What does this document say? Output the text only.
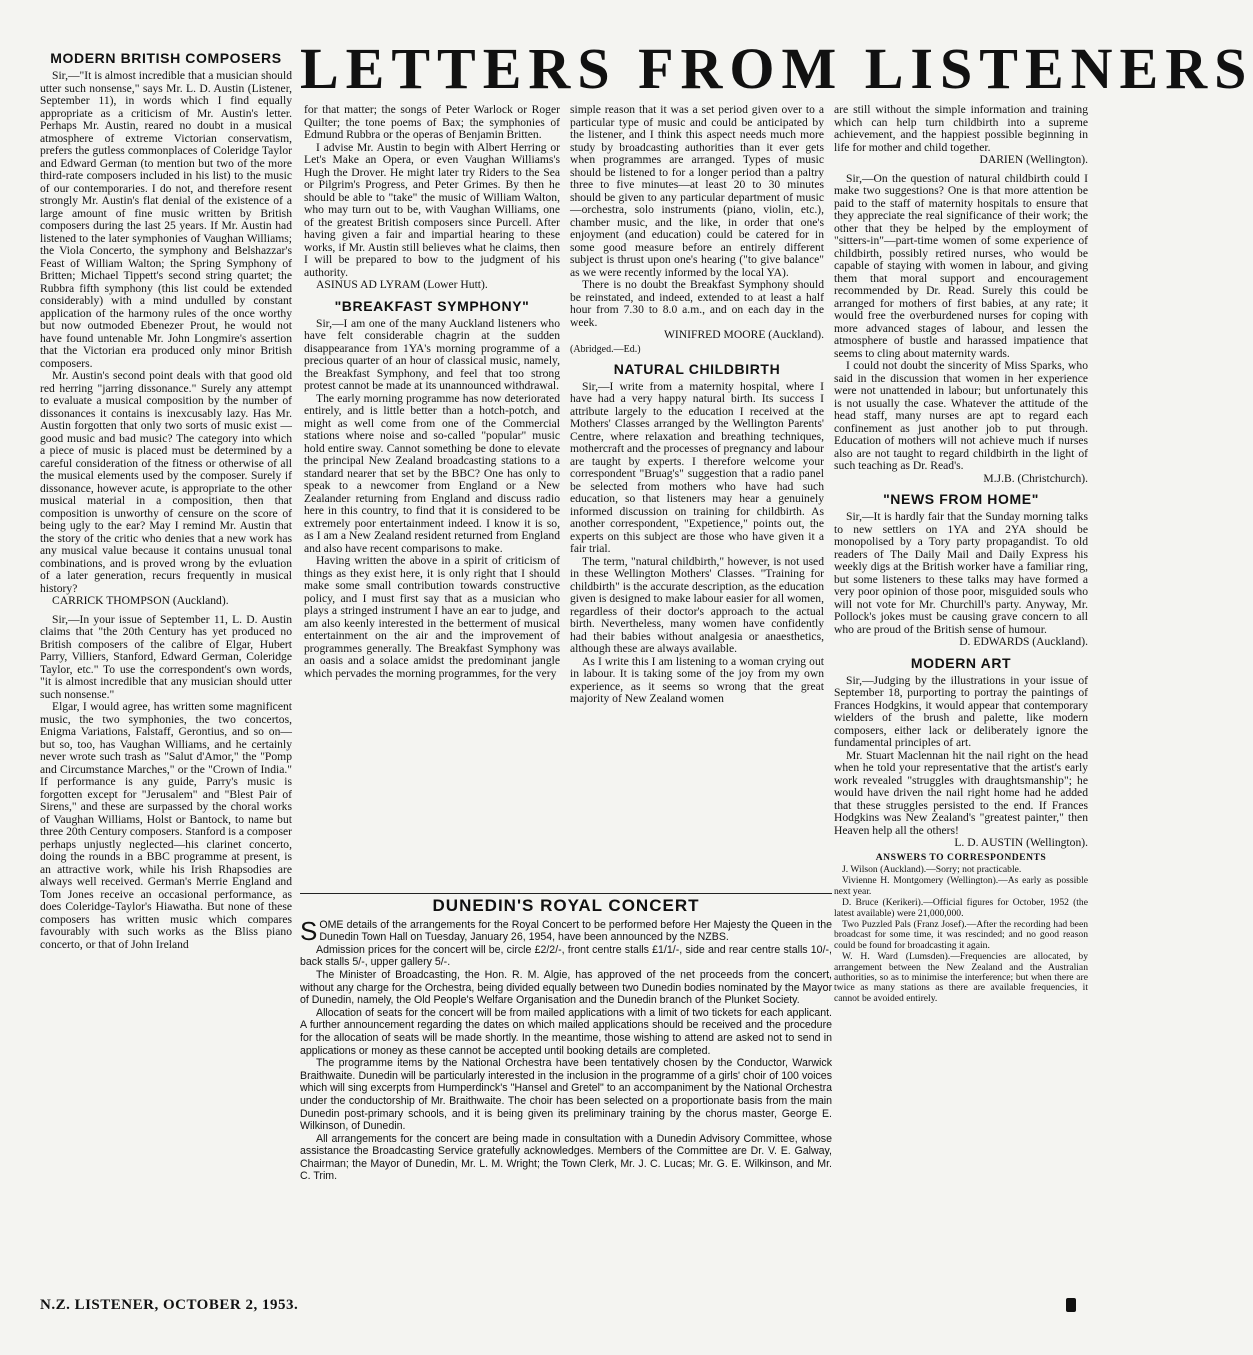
LETTERS FROM LISTENERS
MODERN BRITISH COMPOSERS

Sir,—"It is almost incredible that a musician should utter such nonsense," says Mr. L. D. Austin (Listener, September 11), in words which I find equally appropriate as a criticism of Mr. Austin's letter. Perhaps Mr. Austin, reared no doubt in a musical atmosphere of extreme Victorian conservatism, prefers the gutless commonplaces of Coleridge Taylor and Edward German (to mention but two of the more third-rate composers included in his list) to the music of our contemporaries. I do not, and therefore resent strongly Mr. Austin's flat denial of the existence of a large amount of fine music written by British composers during the last 25 years. If Mr. Austin had listened to the later symphonies of Vaughan Williams; the Viola Concerto, the symphony and Belshazzar's Feast of William Walton; the Spring Symphony of Britten; Michael Tippett's second string quartet; the Rubbra fifth symphony (this list could be extended considerably) with a mind undulled by constant application of the harmony rules of the once worthy but now outmoded Ebenezer Prout, he would not have found untenable Mr. John Longmire's assertion that the Victorian era produced only minor British composers.

Mr. Austin's second point deals with that good old red herring "jarring dissonance." Surely any attempt to evaluate a musical composition by the number of dissonances it contains is inexcusably lazy. Has Mr. Austin forgotten that only two sorts of music exist — good music and bad music? The category into which a piece of music is placed must be determined by a careful consideration of the fitness or otherwise of all the musical elements used by the composer. Surely if dissonance, however acute, is appropriate to the other musical material in a composition, then that composition is unworthy of censure on the score of being ugly to the ear? May I remind Mr. Austin that the story of the critic who denies that a new work has any musical value because it contains unusual tonal combinations, and is proved wrong by the evluation of a later generation, recurs frequently in musical history?

CARRICK THOMPSON (Auckland).

Sir,—In your issue of September 11, L. D. Austin claims that "the 20th Century has yet produced no British composers of the calibre of Elgar, Hubert Parry, Villiers, Stanford, Edward German, Coleridge Taylor, etc." To use the correspondent's own words, "it is almost incredible that any musician should utter such nonsense."

Elgar, I would agree, has written some magnificent music, the two symphonies, the two concertos, Enigma Variations, Falstaff, Gerontius, and so on—but so, too, has Vaughan Williams, and he certainly never wrote such trash as "Salut d'Amor," the "Pomp and Circumstance Marches," or the "Crown of India." If performance is any guide, Parry's music is forgotten except for "Jerusalem" and "Blest Pair of Sirens," and these are surpassed by the choral works of Vaughan Williams, Holst or Bantock, to name but three 20th Century composers. Stanford is a composer perhaps unjustly neglected—his clarinet concerto, doing the rounds in a BBC programme at present, is an attractive work, while his Irish Rhapsodies are always well received. German's Merrie England and Tom Jones receive an occasional performance, as does Coleridge-Taylor's Hiawatha. But none of these composers has written music which compares favourably with such works as the Bliss piano concerto, or that of John Ireland

for that matter; the songs of Peter Warlock or Roger Quilter; the tone poems of Bax; the symphonies of Edmund Rubbra or the operas of Benjamin Britten.

I advise Mr. Austin to begin with Albert Herring or Let's Make an Opera, or even Vaughan Williams's Hugh the Drover. He might later try Riders to the Sea or Pilgrim's Progress, and Peter Grimes. By then he should be able to "take" the music of William Walton, who may turn out to be, with Vaughan Williams, one of the greatest British composers since Purcell. After having given a fair and impartial hearing to these works, if Mr. Austin still believes what he claims, then I will be prepared to bow to the judgment of his authority.

ASINUS AD LYRAM (Lower Hutt).

"BREAKFAST SYMPHONY"

Sir,—I am one of the many Auckland listeners who have felt considerable chagrin at the sudden disappearance from 1YA's morning programme of a precious quarter of an hour of classical music, namely, the Breakfast Symphony, and feel that too strong protest cannot be made at its unannounced withdrawal.

The early morning programme has now deteriorated entirely, and is little better than a hotch-potch, and might as well come from one of the Commercial stations where noise and so-called "popular" music hold entire sway. Cannot something be done to elevate the principal New Zealand broadcasting stations to a standard nearer that set by the BBC? One has only to speak to a newcomer from England or a New Zealander returning from England and discuss radio here in this country, to find that it is considered to be extremely poor entertainment indeed. I know it is so, as I am a New Zealand resident returned from England and also have recent comparisons to make.

Having written the above in a spirit of criticism of things as they exist here, it is only right that I should make some small contribution towards constructive policy, and I must first say that as a musician who plays a stringed instrument I have an ear to judge, and am also keenly interested in the betterment of musical entertainment on the air and the improvement of programmes generally. The Breakfast Symphony was an oasis and a solace amidst the predominant jangle which pervades the morning programmes, for the very

simple reason that it was a set period given over to a particular type of music and could be anticipated by the listener, and I think this aspect needs much more study by broadcasting authorities than it ever gets when programmes are arranged. Types of music should be listened to for a longer period than a paltry three to five minutes—at least 20 to 30 minutes should be given to any particular department of music—orchestra, solo instruments (piano, violin, etc.), chamber music, and the like, in order that one's enjoyment (and education) could be catered for in some good measure before an entirely different subject is thrust upon one's hearing ("to give balance" as we were recently informed by the local YA).

There is no doubt the Breakfast Symphony should be reinstated, and indeed, extended to at least a half hour from 7.30 to 8.0 a.m., and on each day in the week.

WINIFRED MOORE (Auckland).

(Abridged.—Ed.)

NATURAL CHILDBIRTH

Sir,—I write from a maternity hospital, where I have had a very happy natural birth. Its success I attribute largely to the education I received at the Mothers' Classes arranged by the Wellington Parents' Centre, where relaxation and breathing techniques, mothercraft and the processes of pregnancy and labour are taught by experts. I therefore welcome your correspondent "Bruag's" suggestion that a radio panel be selected from mothers who have had such education, so that listeners may hear a genuinely informed discussion on training for childbirth. As another correspondent, "Expetience," points out, the experts on this subject are those who have given it a fair trial.

The term, "natural childbirth," however, is not used in these Wellington Mothers' Classes. "Training for childbirth" is the accurate description, as the education given is designed to make labour easier for all women, regardless of their doctor's approach to the actual birth. Nevertheless, many women have confidently had their babies without analgesia or anaesthetics, although these are always available.

As I write this I am listening to a woman crying out in labour. It is taking some of the joy from my own experience, as it seems so wrong that the great majority of New Zealand women

are still without the simple information and training which can help turn childbirth into a supreme achievement, and the happiest possible beginning in life for mother and child together.

DARIEN (Wellington).

Sir,—On the question of natural childbirth could I make two suggestions? One is that more attention be paid to the staff of maternity hospitals to ensure that they appreciate the real significance of their work; the other that they be helped by the employment of "sitters-in"—part-time women of some experience of childbirth, possibly retired nurses, who would be capable of staying with women in labour, and giving them that moral support and encouragement recommended by Dr. Read. Surely this could be arranged for mothers of first babies, at any rate; it would free the overburdened nurses for coping with more advanced stages of labour, and lessen the atmosphere of bustle and harassed impatience that seems to cling about maternity wards.

I could not doubt the sincerity of Miss Sparks, who said in the discussion that women in her experience were not unattended in labour; but unfortunately this is not usually the case. Whatever the attitude of the head staff, many nurses are apt to regard each confinement as just another job to put through. Education of mothers will not achieve much if nurses also are not taught to regard childbirth in the light of such teaching as Dr. Read's.

M.J.B. (Christchurch).

"NEWS FROM HOME"

Sir,—It is hardly fair that the Sunday morning talks to new settlers on 1YA and 2YA should be monopolised by a Tory party propagandist. To old readers of The Daily Mail and Daily Express his weekly digs at the British worker have a familiar ring, but some listeners to these talks may have formed a very poor opinion of those poor, misguided souls who will not vote for Mr. Churchill's party. Anyway, Mr. Pollock's jokes must be causing grave concern to all who are proud of the British sense of humour.

D. EDWARDS (Auckland).

MODERN ART

Sir,—Judging by the illustrations in your issue of September 18, purporting to portray the paintings of Frances Hodgkins, it would appear that contemporary wielders of the brush and palette, like modern composers, either lack or deliberately ignore the fundamental principles of art.

Mr. Stuart Maclennan hit the nail right on the head when he told your representative that the artist's early work revealed "struggles with draughtsmanship"; he would have driven the nail right home had he added that these struggles persisted to the end. If Frances Hodgkins was New Zealand's "greatest painter," then Heaven help all the others!

L. D. AUSTIN (Wellington).

ANSWERS TO CORRESPONDENTS

J. Wilson (Auckland).—Sorry; not practicable.

Vivienne H. Montgomery (Wellington).—As early as possible next year.

D. Bruce (Kerikeri).—Official figures for October, 1952 (the latest available) were 21,000,000.

Two Puzzled Pals (Franz Josef).—After the recording had been broadcast for some time, it was rescinded; and no good reason could be found for broadcasting it again.

W. H. Ward (Lumsden).—Frequencies are allocated, by arrangement between the New Zealand and the Australian authorities, so as to minimise the interference; but when there are twice as many stations as there are available frequencies, it cannot be avoided entirely.

DUNEDIN'S ROYAL CONCERT

SOME details of the arrangements for the Royal Concert to be performed before Her Majesty the Queen in the Dunedin Town Hall on Tuesday, January 26, 1954, have been announced by the NZBS.

Admission prices for the concert will be, circle £2/2/-, front centre stalls £1/1/-, side and rear centre stalls 10/-, back stalls 5/-, upper gallery 5/-.

The Minister of Broadcasting, the Hon. R. M. Algie, has approved of the net proceeds from the concert, without any charge for the Orchestra, being divided equally between two Dunedin bodies nominated by the Mayor of Dunedin, namely, the Old People's Welfare Organisation and the Dunedin branch of the Plunket Society.

Allocation of seats for the concert will be from mailed applications with a limit of two tickets for each applicant. A further announcement regarding the dates on which mailed applications should be received and the procedure for the allocation of seats will be made shortly. In the meantime, those wishing to attend are asked not to send in applications or money as these cannot be accepted until booking details are completed.

The programme items by the National Orchestra have been tentatively chosen by the Conductor, Warwick Braithwaite. Dunedin will be particularly interested in the inclusion in the programme of a girls' choir of 100 voices which will sing excerpts from Humperdinck's "Hansel and Gretel" to an accompaniment by the National Orchestra under the conductorship of Mr. Braithwaite. The choir has been selected on a proportionate basis from the main Dunedin post-primary schools, and it is being given its preliminary training by the chorus master, George E. Wilkinson, of Dunedin.

All arrangements for the concert are being made in consultation with a Dunedin Advisory Committee, whose assistance the Broadcasting Service gratefully acknowledges. Members of the Committee are Dr. V. E. Galway, Chairman; the Mayor of Dunedin, Mr. L. M. Wright; the Town Clerk, Mr. J. C. Lucas; Mr. G. E. Wilkinson, and Mr. C. Trim.

N.Z. LISTENER, OCTOBER 2, 1953.
